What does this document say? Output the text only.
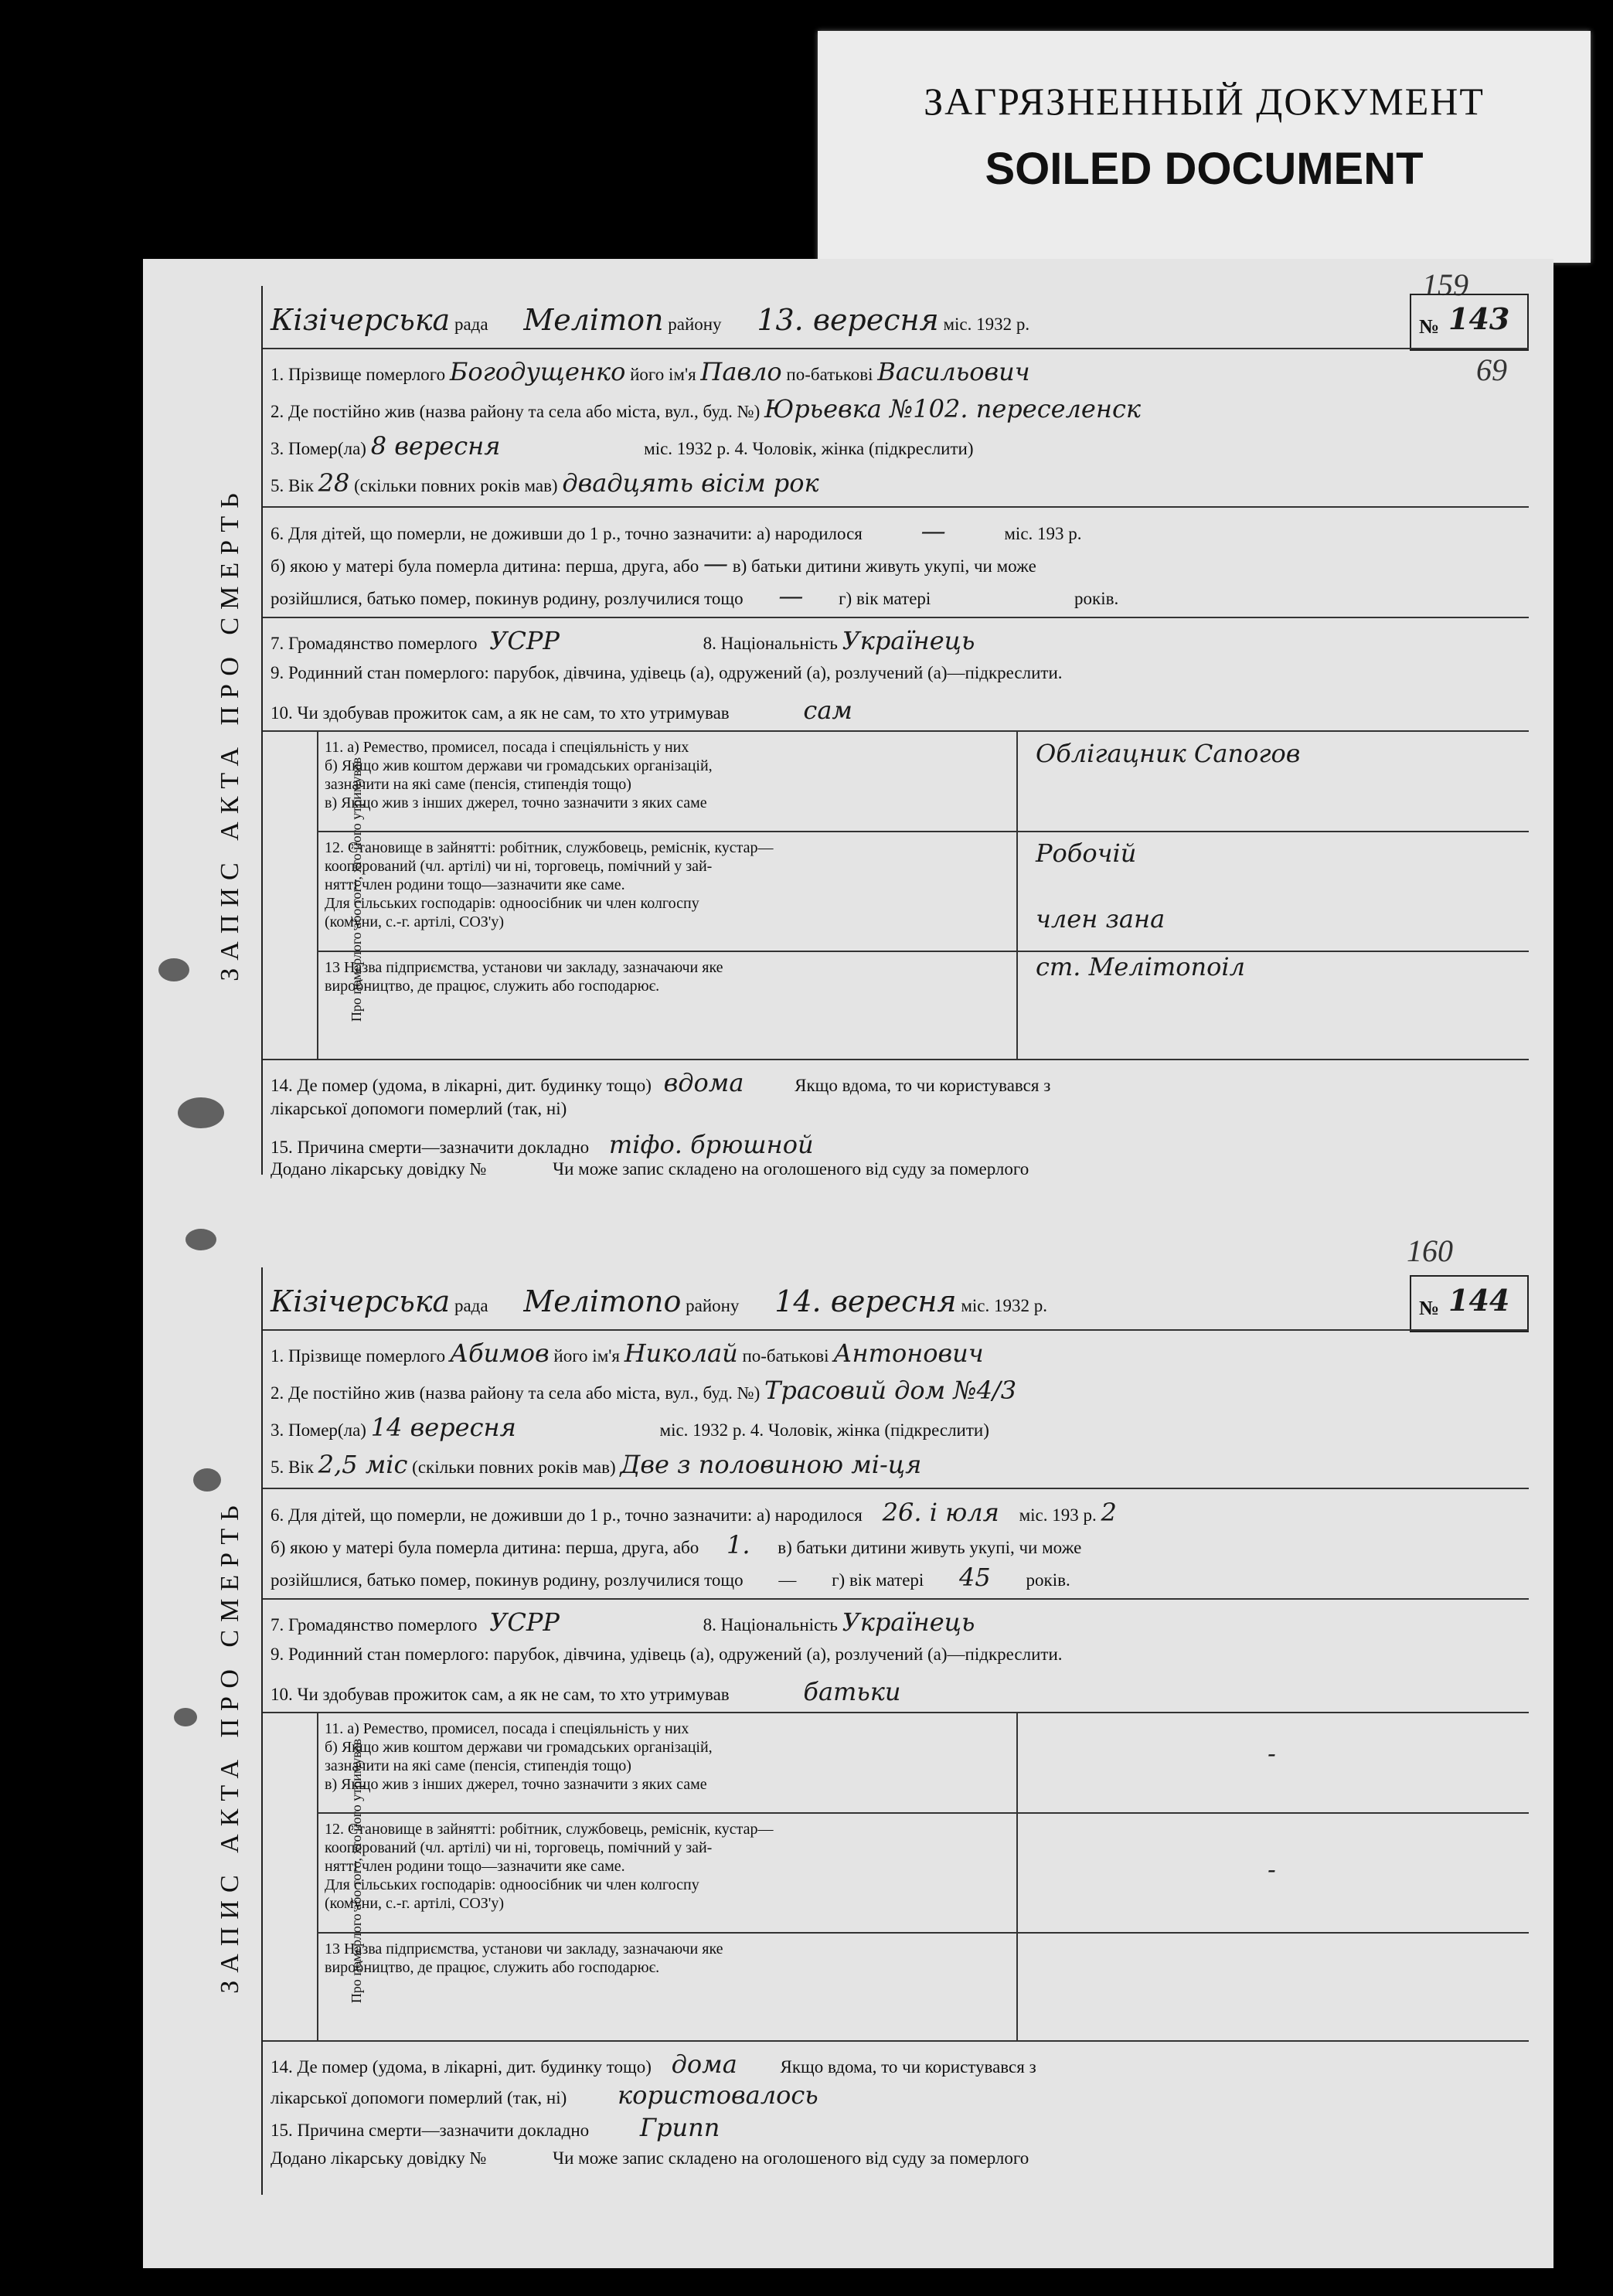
ЗАГРЯЗНЕННЫЙ ДОКУМЕНТ
SOILED DOCUMENT
159
69
160
ЗАПИС АКТА ПРО СМЕРТЬ
Кізічерська рада Мелітоп району 13. вересня міс. 1932 р.	№ 143
1. Прізвище померлого Богодущенко його ім'я Павло по-батькові Васильович
2. Де постійно жив (назва району та села або міста, вул., буд. №) Юрьевка №102. переселенск
3. Помер(ла) 8 вересня	міс. 1932 р. 4. Чоловік, жінка (підкреслити)
5. Вік 28 (скільки повних років мав) двадцять вісім рок
6. Для дітей, що померли, не доживши до 1 р., точно зазначити: а) народилося —	міс. 193 р.
б) якою у матері була померла дитина: перша, друга, або — в) батьки дитини живуть укупі, чи може
розійшлися, батько помер, покинув родину, розлучилися тощо — г) вік матері	років.
7. Громадянство померлого УСРР	8. Національність Українець
9. Родинний стан померлого: парубок, дівчина, удівець (а), одружений (а), розлучений (а)—підкреслити.
10. Чи здобував прожиток сам, а як не сам, то хто утримував	сам
Про померлого або того, хто його утримував
11. а) Ремество, промисел, посада і спеціяльність у них
б) Якщо жив коштом держави чи громадських організацій,
зазначити на які саме (пенсія, стипендія тощо)
в) Якщо жив з інших джерел, точно зазначити з яких саме
Облігацник Сапогов
12. Становище в зайнятті: робітник, службовець, реміснік, кустар—
кооперований (чл. артілі) чи ні, торговець, помічний у зай-
нятті член родини тощо—зазначити яке саме.
Для сільських господарів: одноосібник чи член колгоспу
(комуни, с.-г. артілі, СОЗ'у)
Робочій
член зана
13 Назва підприємства, установи чи закладу, зазначаючи яке
виробництво, де працює, служить або господарює.
ст. Мелітопоіл
14. Де помер (удома, в лікарні, дит. будинку тощо) вдома	Якщо вдома, то чи користувався з
лікарської допомоги померлий (так, ні)
15. Причина смерти—зазначити докладно тіфо. брюшной
Додано лікарську довідку №	Чи може запис складено на оголошеного від суду за померлого
ЗАПИС АКТА ПРО СМЕРТЬ
Кізічерська рада Мелітопо району 14. вересня міс. 1932 р.	№ 144
1. Прізвище померлого Абимов його ім'я Николай по-батькові Антонович
2. Де постійно жив (назва району та села або міста, вул., буд. №) Трасовий дом №4/3
3. Помер(ла) 14 вересня	міс. 1932 р. 4. Чоловік, жінка (підкреслити)
5. Вік 2,5 міс (скільки повних років мав) Две з половиною мі-ця
6. Для дітей, що померли, не доживши до 1 р., точно зазначити: а) народилося 26. і юля міс. 193 р. 2
б) якою у матері була померла дитина: перша, друга, або 1. в) батьки дитини живуть укупі, чи може
розійшлися, батько помер, покинув родину, розлучилися тощо — г) вік матері 45 років.
7. Громадянство померлого УСРР	8. Національність Українець
9. Родинний стан померлого: парубок, дівчина, удівець (а), одружений (а), розлучений (а)—підкреслити.
10. Чи здобував прожиток сам, а як не сам, то хто утримував	батьки
Про померлого або того, хто його утримував
11. а) Ремество, промисел, посада і спеціяльність у них
б) Якщо жив коштом держави чи громадських організацій,
зазначити на які саме (пенсія, стипендія тощо)
в) Якщо жив з інших джерел, точно зазначити з яких саме
-
12. Становище в зайнятті: робітник, службовець, реміснік, кустар—
кооперований (чл. артілі) чи ні, торговець, помічний у зай-
нятті член родини тощо—зазначити яке саме.
Для сільських господарів: одноосібник чи член колгоспу
(комуни, с.-г. артілі, СОЗ'у)
-
13 Назва підприємства, установи чи закладу, зазначаючи яке
виробництво, де працює, служить або господарює.
14. Де помер (удома, в лікарні, дит. будинку тощо) дома Якщо вдома, то чи користувався з
лікарської допомоги померлий (так, ні) користовалось
15. Причина смерти—зазначити докладно Грипп
Додано лікарську довідку №	Чи може запис складено на оголошеного від суду за померлого
